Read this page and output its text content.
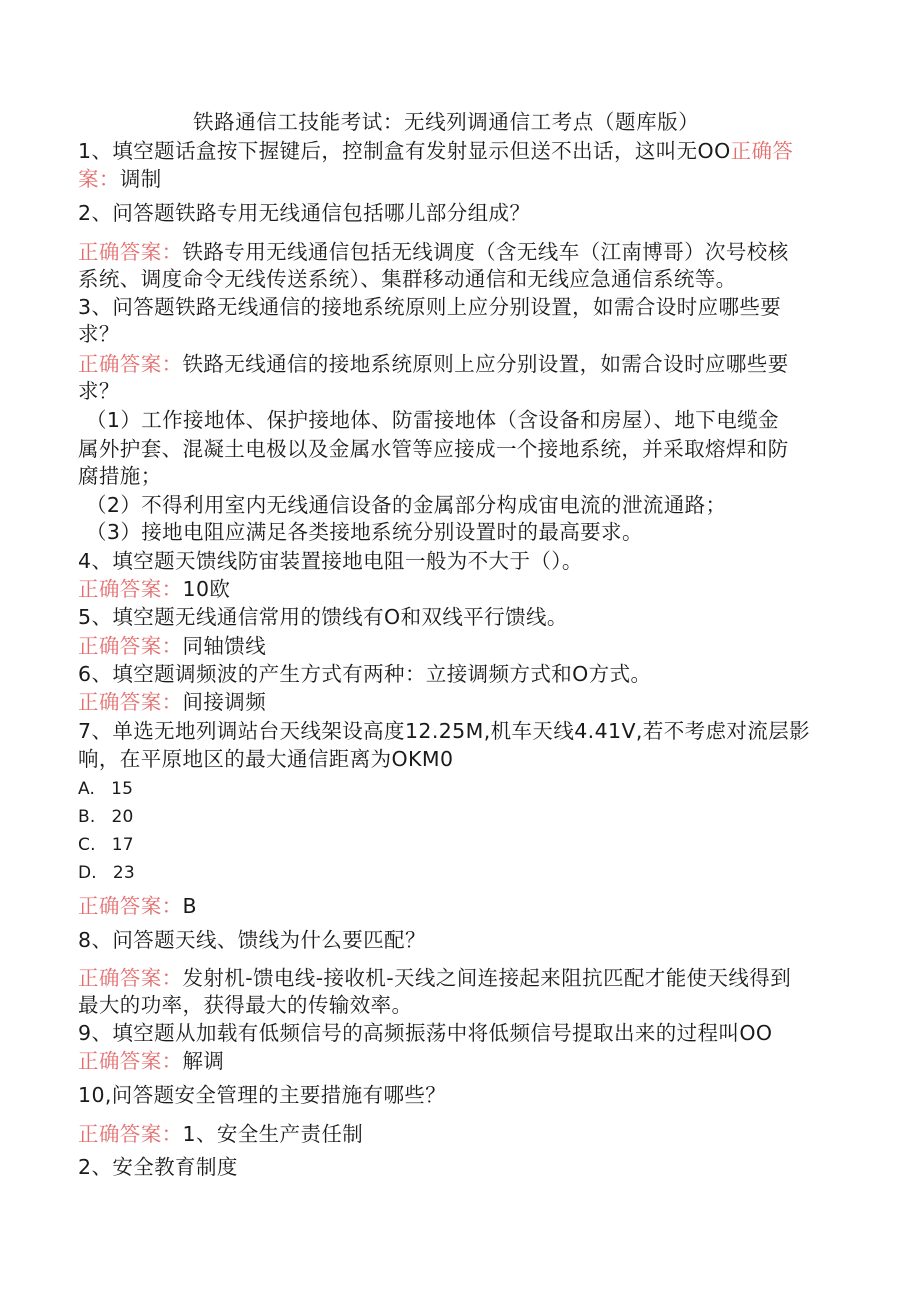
铁路通信工技能考试：无线列调通信工考点（题库版）
1、填空题话盒按下握键后，控制盒有发射显示但送不出话，这叫无OO正确答
案：调制
2、问答题铁路专用无线通信包括哪儿部分组成？
正确答案：铁路专用无线通信包括无线调度（含无线车（江南博哥）次号校核
系统、调度命令无线传送系统）、集群移动通信和无线应急通信系统等。
3、问答题铁路无线通信的接地系统原则上应分别设置，如需合设时应哪些要
求？
正确答案：铁路无线通信的接地系统原则上应分别设置，如需合设时应哪些要
求？
（1）工作接地体、保护接地体、防雷接地体（含设备和房屋）、地下电缆金
属外护套、混凝土电极以及金属水管等应接成一个接地系统，并采取熔焊和防
腐措施；
（2）不得利用室内无线通信设备的金属部分构成宙电流的泄流通路；
（3）接地电阻应满足各类接地系统分别设置时的最高要求。
4、填空题天馈线防宙装置接地电阻一般为不大于（）。
正确答案：10欧
5、填空题无线通信常用的馈线有O和双线平行馈线。
正确答案：同轴馈线
6、填空题调频波的产生方式有两种：立接调频方式和O方式。
正确答案：间接调频
7、单选无地列调站台天线架设高度12.25M,机车天线4.41V,若不考虑对流层影
响，在平原地区的最大通信距离为OKM0
A. 15
B. 20
C. 17
D. 23
正确答案：B
8、问答题天线、馈线为什么要匹配？
正确答案：发射机-馈电线-接收机-天线之间连接起来阻抗匹配才能使天线得到
最大的功率，获得最大的传输效率。
9、填空题从加载有低频信号的高频振荡中将低频信号提取出来的过程叫OO
正确答案：解调
10,问答题安全管理的主要措施有哪些？
正确答案：1、安全生产责任制
2、安全教育制度
